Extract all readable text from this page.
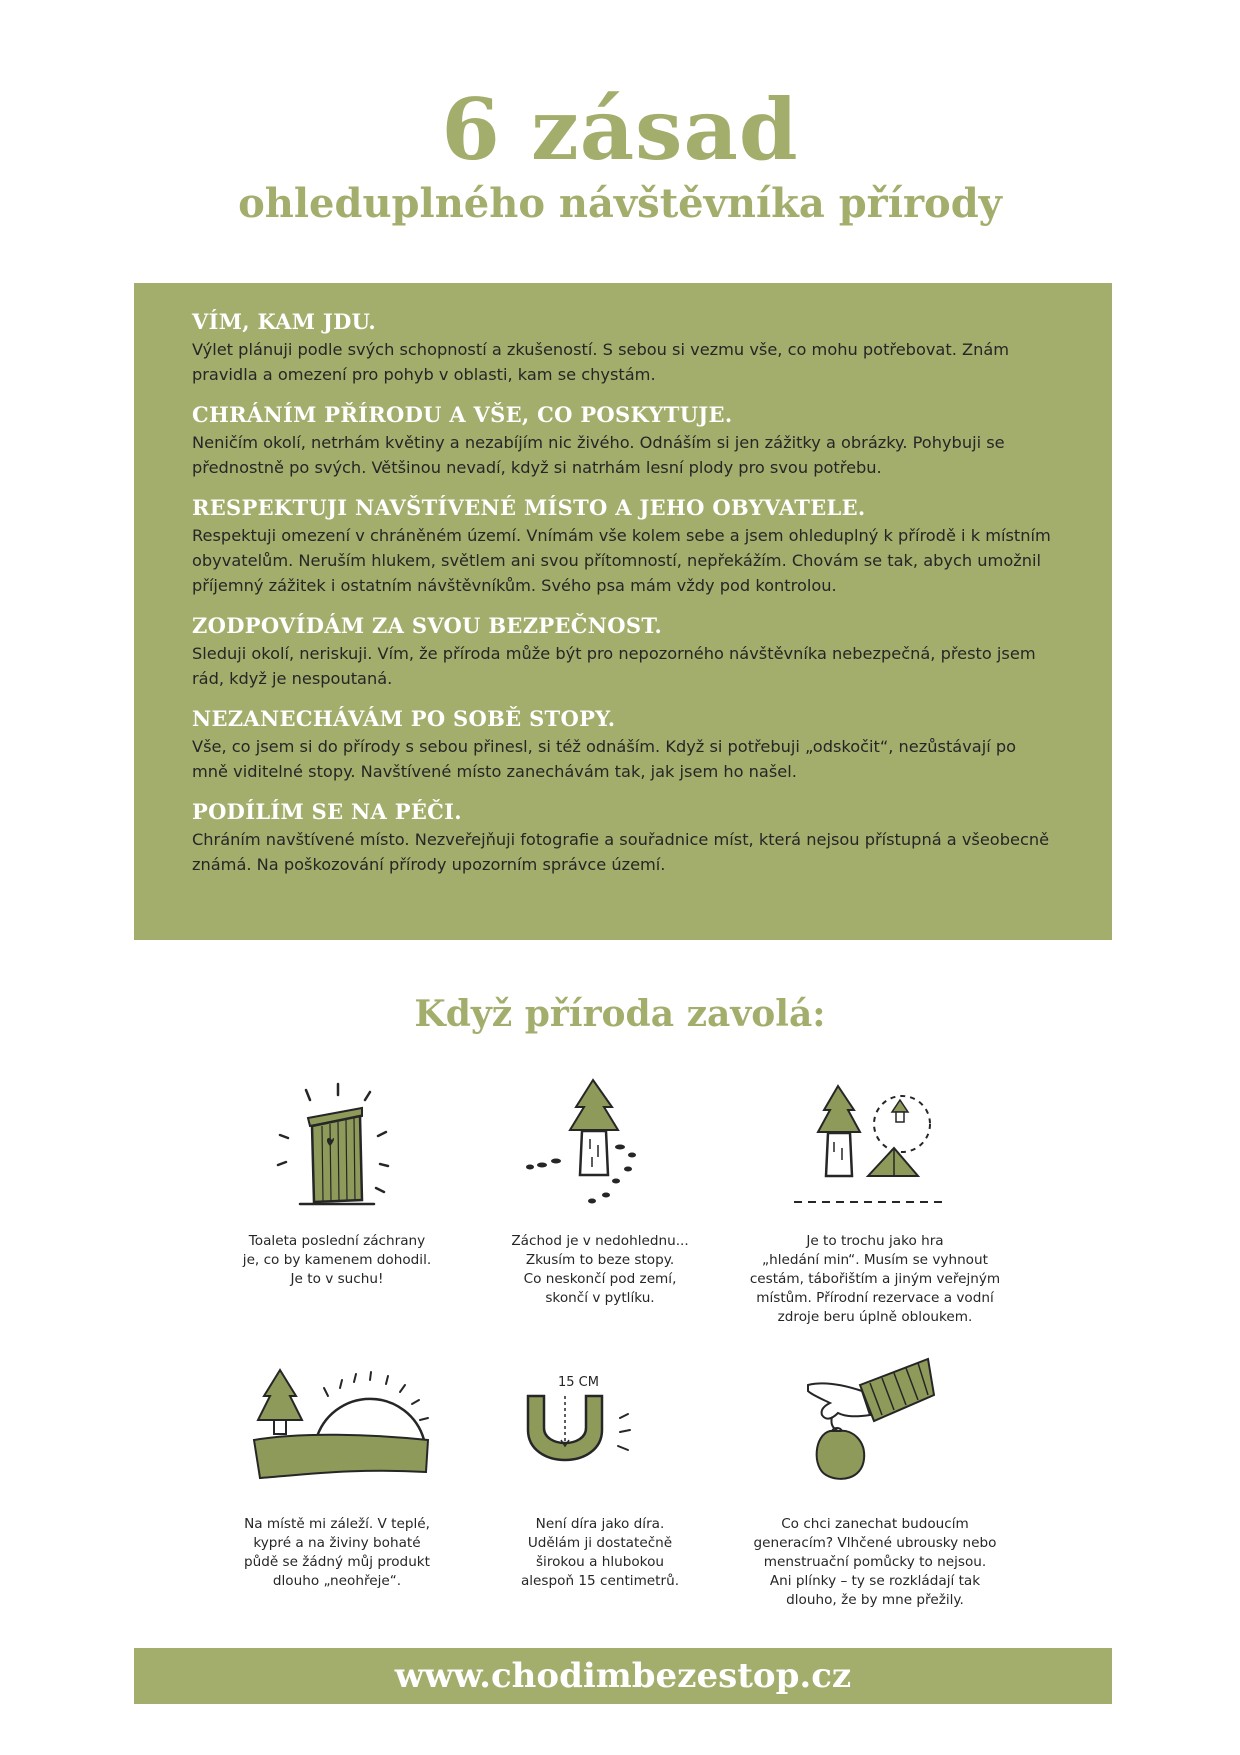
6 zásad
ohleduplného návštěvníka přírody
VÍM, KAM JDU.
Výlet plánuji podle svých schopností a zkušeností. S sebou si vezmu vše, co mohu potřebovat. Znám pravidla a omezení pro pohyb v oblasti, kam se chystám.
CHRÁNÍM PŘÍRODU A VŠE, CO POSKYTUJE.
Neničím okolí, netrhám květiny a nezabíjím nic živého. Odnáším si jen zážitky a obrázky. Pohybuji se přednostně po svých. Většinou nevadí, když si natrhám lesní plody pro svou potřebu.
RESPEKTUJI NAVŠTÍVENÉ MÍSTO A JEHO OBYVATELE.
Respektuji omezení v chráněném území. Vnímám vše kolem sebe a jsem ohleduplný k přírodě i k místním obyvatelům. Neruším hlukem, světlem ani svou přítomností, nepřekážím. Chovám se tak, abych umožnil příjemný zážitek i ostatním návštěvníkům. Svého psa mám vždy pod kontrolou.
ZODPOVÍDÁM ZA SVOU BEZPEČNOST.
Sleduji okolí, neriskuji. Vím, že příroda může být pro nepozorného návštěvníka nebezpečná, přesto jsem rád, když je nespoutaná.
NEZANECHÁVÁM PO SOBĚ STOPY.
Vše, co jsem si do přírody s sebou přinesl, si též odnáším. Když si potřebuji „odskočit“, nezůstávají po mně viditelné stopy. Navštívené místo zanechávám tak, jak jsem ho našel.
PODÍLÍM SE NA PÉČI.
Chráním navštívené místo. Nezveřejňuji fotografie a souřadnice míst, která nejsou přístupná a všeobecně známá. Na poškozování přírody upozorním správce území.
Když příroda zavolá:
15 CM
Toaleta poslední záchrany
je, co by kamenem dohodil.
Je to v suchu!
Záchod je v nedohlednu...
Zkusím to beze stopy.
Co neskončí pod zemí,
skončí v pytlíku.
Je to trochu jako hra
„hledání min“. Musím se vyhnout
cestám, tábořištím a jiným veřejným
místům. Přírodní rezervace a vodní
zdroje beru úplně obloukem.
Na místě mi záleží. V teplé,
kypré a na živiny bohaté
půdě se žádný můj produkt
dlouho „neohřeje“.
Není díra jako díra.
Udělám ji dostatečně
širokou a hlubokou
alespoň 15 centimetrů.
Co chci zanechat budoucím
generacím? Vlhčené ubrousky nebo
menstruační pomůcky to nejsou.
Ani plínky – ty se rozkládají tak
dlouho, že by mne přežily.
www.chodimbezestop.cz
